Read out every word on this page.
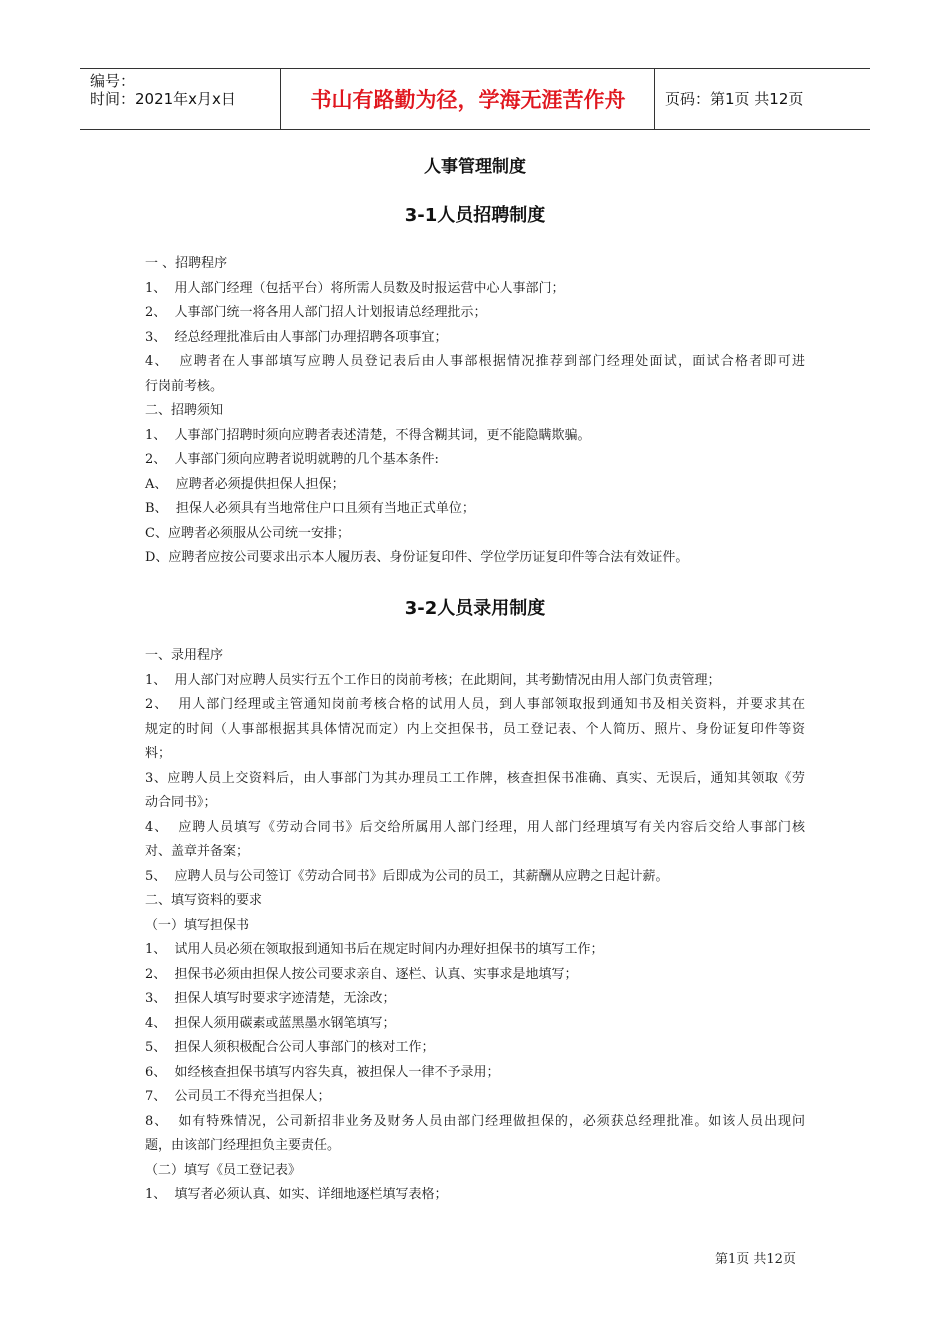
编号：
时间：2021年x月x日	书山有路勤为径，学海无涯苦作舟	页码：第1页 共12页
人事管理制度
3-1人员招聘制度

一 、招聘程序

1、  用人部门经理（包括平台）将所需人员数及时报运营中心人事部门；

2、  人事部门统一将各用人部门招人计划报请总经理批示；

3、  经总经理批准后由人事部门办理招聘各项事宜；

4、  应聘者在人事部填写应聘人员登记表后由人事部根据情况推荐到部门经理处面试，面试合格者即可进

行岗前考核。

二、招聘须知

1、  人事部门招聘时须向应聘者表述清楚，不得含糊其词，更不能隐瞒欺骗。

2、  人事部门须向应聘者说明就聘的几个基本条件:

A、  应聘者必须提供担保人担保；

B、  担保人必须具有当地常住户口且须有当地正式单位；

C、应聘者必须服从公司统一安排；

D、应聘者应按公司要求出示本人履历表、身份证复印件、学位学历证复印件等合法有效证件。

3-2人员录用制度

一、录用程序

1、  用人部门对应聘人员实行五个工作日的岗前考核；在此期间，其考勤情况由用人部门负责管理；

2、  用人部门经理或主管通知岗前考核合格的试用人员，到人事部领取报到通知书及相关资料，并要求其在

规定的时间（人事部根据其具体情况而定）内上交担保书，员工登记表、个人简历、照片、身份证复印件等资

料；

3、应聘人员上交资料后，由人事部门为其办理员工工作牌，核查担保书准确、真实、无误后，通知其领取《劳

动合同书》；

4、  应聘人员填写《劳动合同书》后交给所属用人部门经理，用人部门经理填写有关内容后交给人事部门核

对、盖章并备案；

5、  应聘人员与公司签订《劳动合同书》后即成为公司的员工，其薪酬从应聘之日起计薪。

二、填写资料的要求

（一）填写担保书

1、  试用人员必须在领取报到通知书后在规定时间内办理好担保书的填写工作；

2、  担保书必须由担保人按公司要求亲自、逐栏、认真、实事求是地填写；

3、  担保人填写时要求字迹清楚，无涂改；

4、  担保人须用碳素或蓝黑墨水钢笔填写；

5、  担保人须积极配合公司人事部门的核对工作；

6、  如经核查担保书填写内容失真，被担保人一律不予录用；

7、  公司员工不得充当担保人；

8、  如有特殊情况，公司新招非业务及财务人员由部门经理做担保的，必须获总经理批准。如该人员出现问

题，由该部门经理担负主要责任。

（二）填写《员工登记表》

1、  填写者必须认真、如实、详细地逐栏填写表格；

第1页 共12页
